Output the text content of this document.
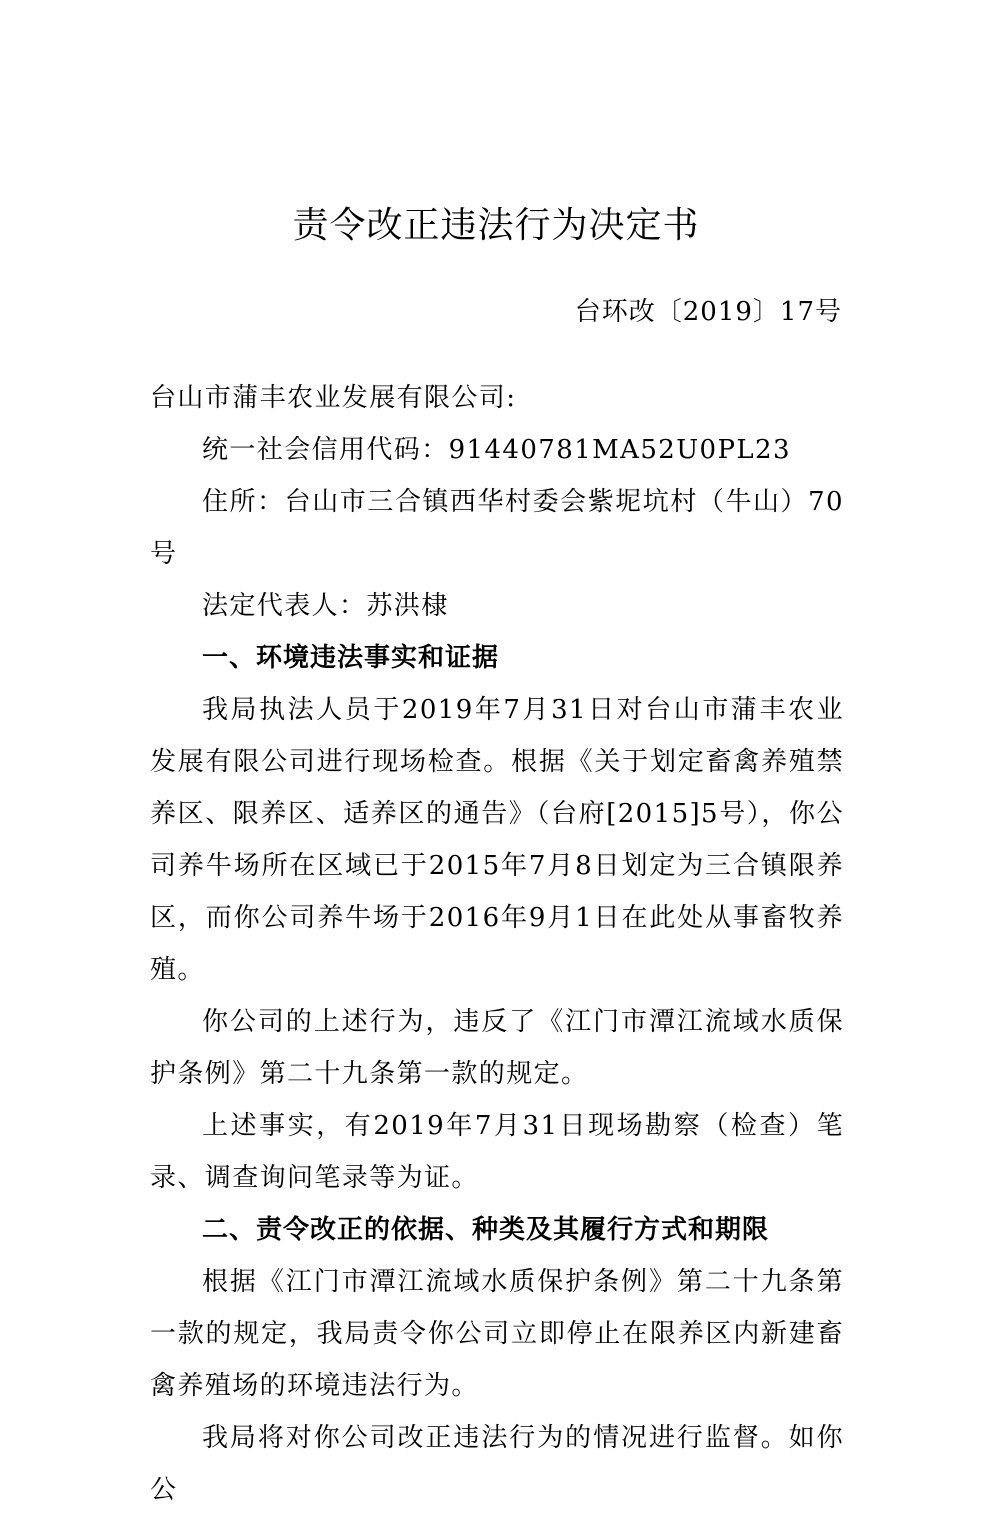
责令改正违法行为决定书
台环改〔2019〕17号

台山市蒲丰农业发展有限公司:

统一社会信用代码：91440781MA52U0PL23

住所：台山市三合镇西华村委会紫坭坑村（牛山）70号

法定代表人：苏洪棣

一、环境违法事实和证据

我局执法人员于2019年7月31日对台山市蒲丰农业发展有限公司进行现场检查。根据《关于划定畜禽养殖禁养区、限养区、适养区的通告》（台府[2015]5号），你公司养牛场所在区域已于2015年7月8日划定为三合镇限养区，而你公司养牛场于2016年9月1日在此处从事畜牧养殖。

你公司的上述行为，违反了《江门市潭江流域水质保护条例》第二十九条第一款的规定。

上述事实，有2019年7月31日现场勘察（检查）笔录、调查询问笔录等为证。

二、责令改正的依据、种类及其履行方式和期限

根据《江门市潭江流域水质保护条例》第二十九条第一款的规定，我局责令你公司立即停止在限养区内新建畜禽养殖场的环境违法行为。

我局将对你公司改正违法行为的情况进行监督。如你公
